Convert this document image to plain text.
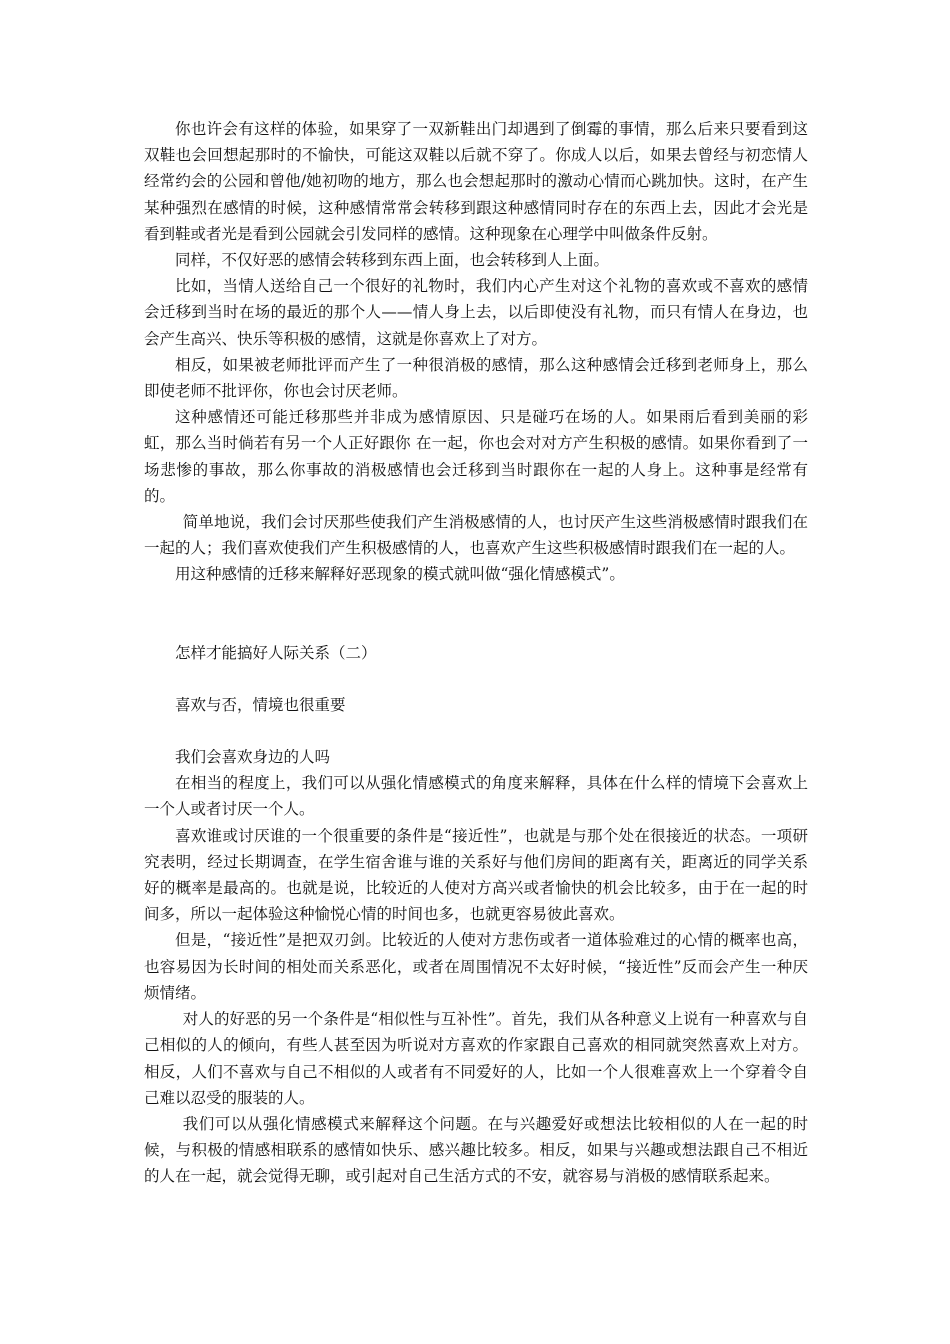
你也许会有这样的体验，如果穿了一双新鞋出门却遇到了倒霉的事情，那么后来只要看到这双鞋也会回想起那时的不愉快，可能这双鞋以后就不穿了。你成人以后，如果去曾经与初恋情人经常约会的公园和曾他/她初吻的地方，那么也会想起那时的激动心情而心跳加快。这时，在产生某种强烈在感情的时候，这种感情常常会转移到跟这种感情同时存在的东西上去，因此才会光是看到鞋或者光是看到公园就会引发同样的感情。这种现象在心理学中叫做条件反射。

同样，不仅好恶的感情会转移到东西上面，也会转移到人上面。

比如，当情人送给自己一个很好的礼物时，我们内心产生对这个礼物的喜欢或不喜欢的感情会迁移到当时在场的最近的那个人——情人身上去，以后即使没有礼物，而只有情人在身边，也会产生高兴、快乐等积极的感情，这就是你喜欢上了对方。

相反，如果被老师批评而产生了一种很消极的感情，那么这种感情会迁移到老师身上，那么即使老师不批评你，你也会讨厌老师。

这种感情还可能迁移那些并非成为感情原因、只是碰巧在场的人。如果雨后看到美丽的彩虹，那么当时倘若有另一个人正好跟你 在一起，你也会对对方产生积极的感情。如果你看到了一场悲惨的事故，那么你事故的消极感情也会迁移到当时跟你在一起的人身上。这种事是经常有的。

简单地说，我们会讨厌那些使我们产生消极感情的人，也讨厌产生这些消极感情时跟我们在一起的人；我们喜欢使我们产生积极感情的人，也喜欢产生这些积极感情时跟我们在一起的人。

用这种感情的迁移来解释好恶现象的模式就叫做“强化情感模式”。

怎样才能搞好人际关系（二）

喜欢与否，情境也很重要

我们会喜欢身边的人吗

在相当的程度上，我们可以从强化情感模式的角度来解释，具体在什么样的情境下会喜欢上一个人或者讨厌一个人。

喜欢谁或讨厌谁的一个很重要的条件是“接近性”，也就是与那个处在很接近的状态。一项研究表明，经过长期调查，在学生宿舍谁与谁的关系好与他们房间的距离有关，距离近的同学关系好的概率是最高的。也就是说，比较近的人使对方高兴或者愉快的机会比较多，由于在一起的时间多，所以一起体验这种愉悦心情的时间也多，也就更容易彼此喜欢。

但是，“接近性”是把双刃剑。比较近的人使对方悲伤或者一道体验难过的心情的概率也高，也容易因为长时间的相处而关系恶化，或者在周围情况不太好时候，“接近性”反而会产生一种厌烦情绪。

对人的好恶的另一个条件是“相似性与互补性”。首先，我们从各种意义上说有一种喜欢与自己相似的人的倾向，有些人甚至因为听说对方喜欢的作家跟自己喜欢的相同就突然喜欢上对方。相反，人们不喜欢与自己不相似的人或者有不同爱好的人，比如一个人很难喜欢上一个穿着令自己难以忍受的服装的人。

我们可以从强化情感模式来解释这个问题。在与兴趣爱好或想法比较相似的人在一起的时候，与积极的情感相联系的感情如快乐、感兴趣比较多。相反，如果与兴趣或想法跟自己不相近的人在一起，就会觉得无聊，或引起对自己生活方式的不安，就容易与消极的感情联系起来。
